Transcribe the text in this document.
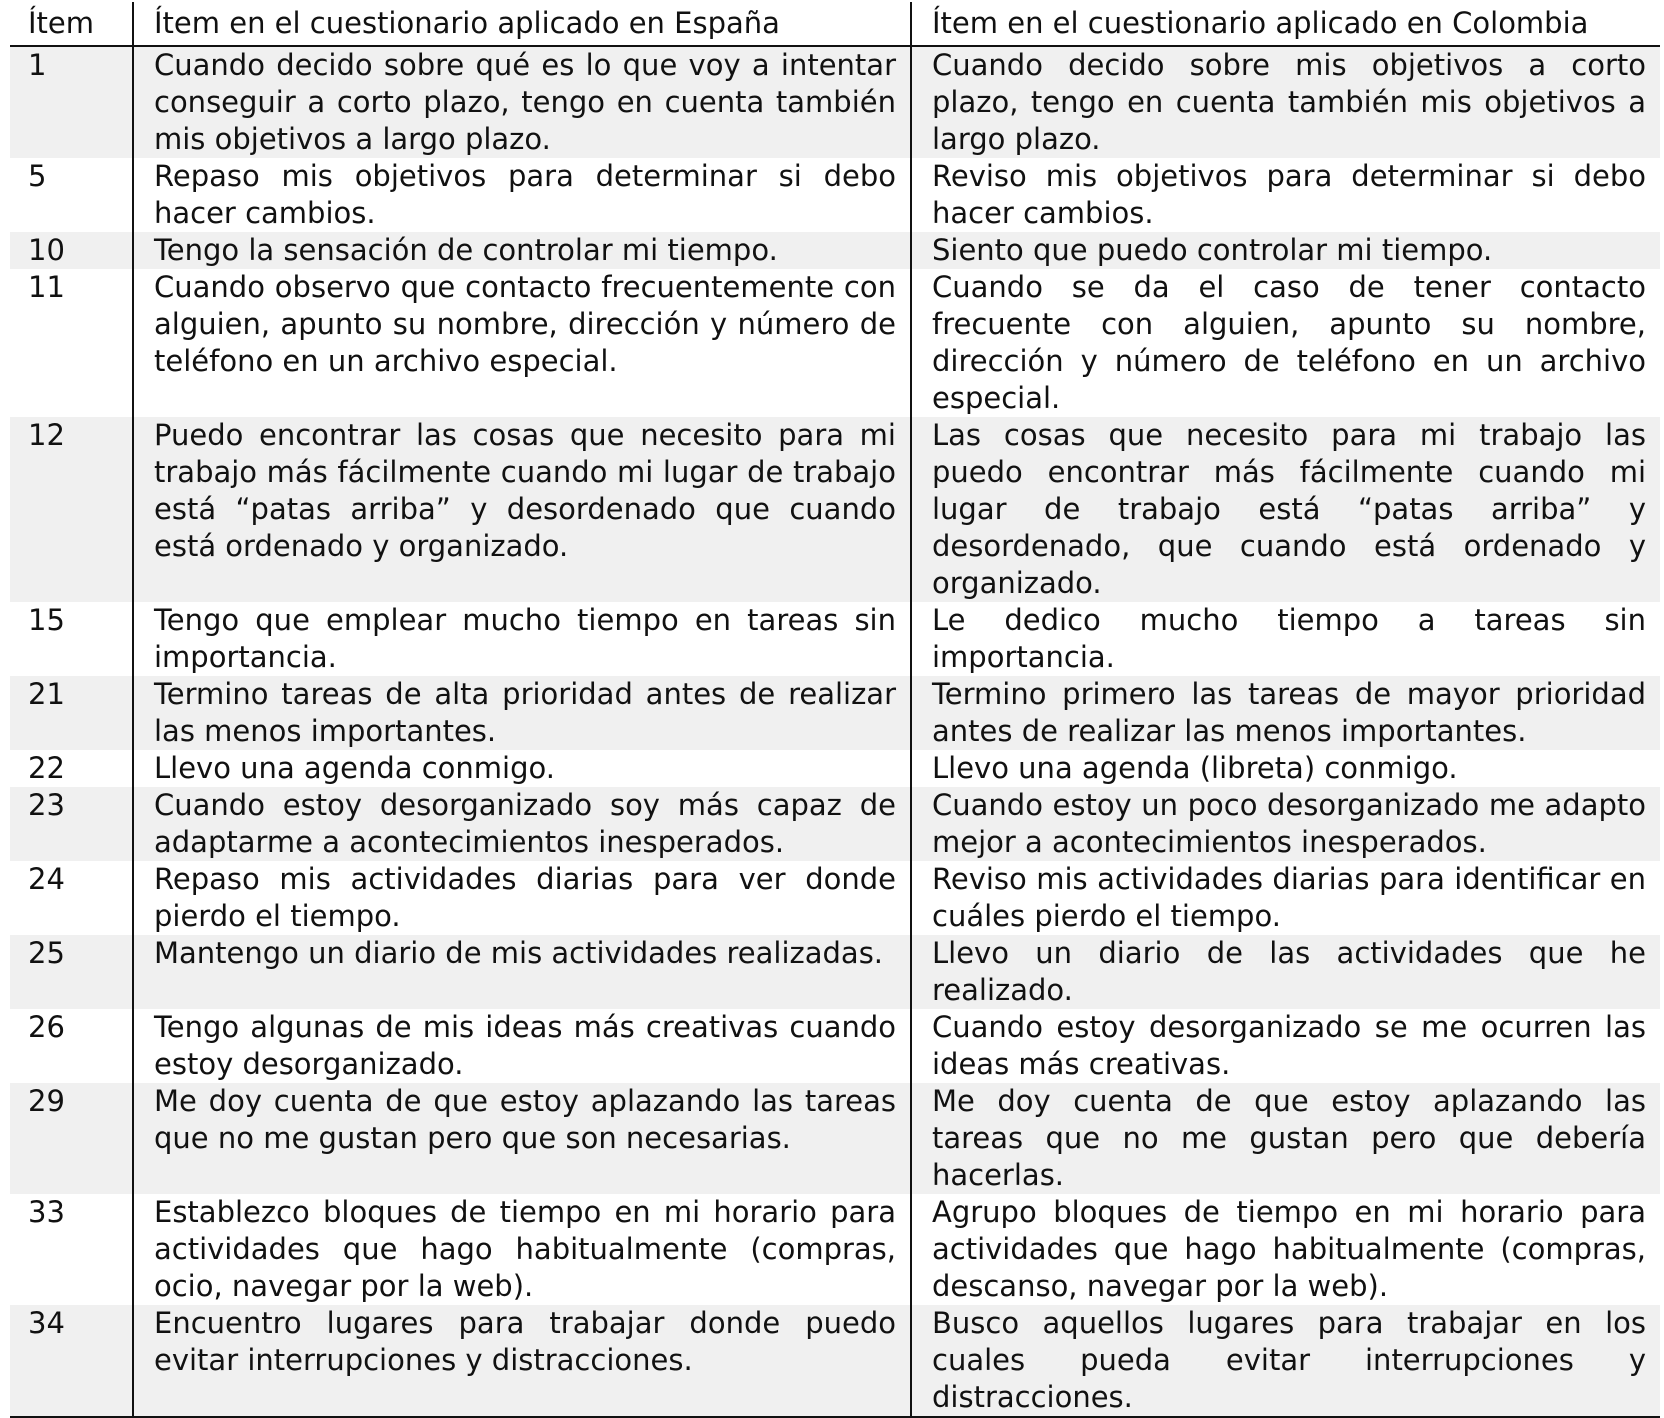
Ítem	Ítem en el cuestionario aplicado en España	Ítem en el cuestionario aplicado en Colombia
1	Cuando decido sobre qué es lo que voy a intentar conseguir a corto plazo, tengo en cuenta también mis objetivos a largo plazo.	Cuando decido sobre mis objetivos a corto plazo, tengo en cuenta también mis objetivos a largo plazo.
5	Repaso mis objetivos para determinar si debo hacer cambios.	Reviso mis objetivos para determinar si debo hacer cambios.
10	Tengo la sensación de controlar mi tiempo.	Siento que puedo controlar mi tiempo.
11	Cuando observo que contacto frecuentemente con alguien, apunto su nombre, dirección y número de teléfono en un archivo especial.	Cuando se da el caso de tener contacto frecuente con alguien, apunto su nombre, dirección y número de teléfono en un archivo especial.
12	Puedo encontrar las cosas que necesito para mi trabajo más fácilmente cuando mi lugar de trabajo está “patas arriba” y desordenado que cuando está ordenado y organizado.	Las cosas que necesito para mi trabajo las puedo encontrar más fácilmente cuando mi lugar de trabajo está “patas arriba” y desordenado, que cuando está ordenado y organizado.
15	Tengo que emplear mucho tiempo en tareas sin importancia.	Le dedico mucho tiempo a tareas sin importancia.
21	Termino tareas de alta prioridad antes de realizar las menos importantes.	Termino primero las tareas de mayor prioridad antes de realizar las menos importantes.
22	Llevo una agenda conmigo.	Llevo una agenda (libreta) conmigo.
23	Cuando estoy desorganizado soy más capaz de adaptarme a acontecimientos inesperados.	Cuando estoy un poco desorganizado me adapto mejor a acontecimientos inesperados.
24	Repaso mis actividades diarias para ver donde pierdo el tiempo.	Reviso mis actividades diarias para identificar en cuáles pierdo el tiempo.
25	Mantengo un diario de mis actividades realizadas.	Llevo un diario de las actividades que he realizado.
26	Tengo algunas de mis ideas más creativas cuando estoy desorganizado.	Cuando estoy desorganizado se me ocurren las ideas más creativas.
29	Me doy cuenta de que estoy aplazando las tareas que no me gustan pero que son necesarias.	Me doy cuenta de que estoy aplazando las tareas que no me gustan pero que debería hacerlas.
33	Establezco bloques de tiempo en mi horario para actividades que hago habitualmente (compras, ocio, navegar por la web).	Agrupo bloques de tiempo en mi horario para actividades que hago habitualmente (compras, descanso, navegar por la web).
34	Encuentro lugares para trabajar donde puedo evitar interrupciones y distracciones.	Busco aquellos lugares para trabajar en los cuales pueda evitar interrupciones y distracciones.
